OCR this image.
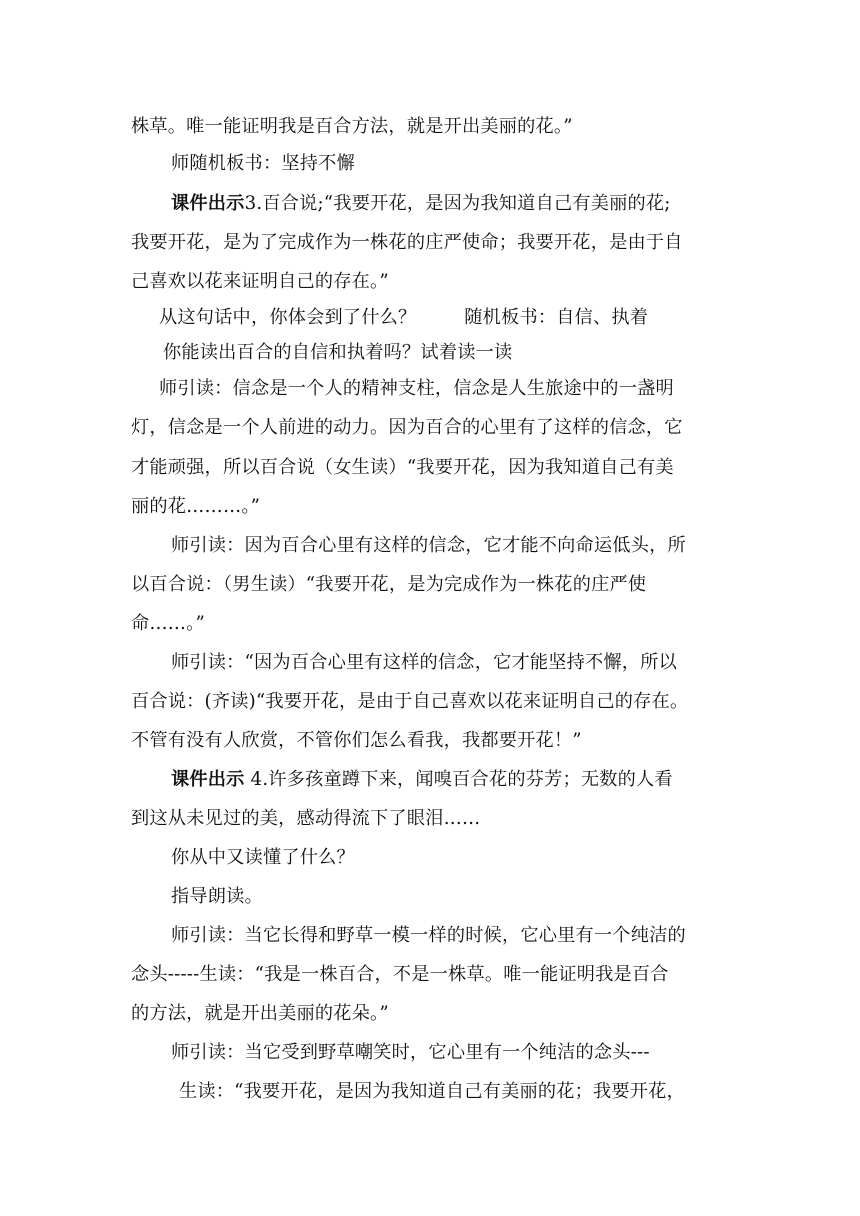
株草。唯一能证明我是百合方法，就是开出美丽的花。”
师随机板书：坚持不懈
课件出示3.百合说;“我要开花，是因为我知道自己有美丽的花;
我要开花，是为了完成作为一株花的庄严使命；我要开花，是由于自
己喜欢以花来证明自己的存在。”
从这句话中，你体会到了什么？        随机板书：自信、执着
你能读出百合的自信和执着吗？试着读一读
师引读：信念是一个人的精神支柱，信念是人生旅途中的一盏明
灯，信念是一个人前进的动力。因为百合的心里有了这样的信念，它
才能顽强，所以百合说（女生读）“我要开花，因为我知道自己有美
丽的花………。”
师引读：因为百合心里有这样的信念，它才能不向命运低头，所
以百合说：（男生读）“我要开花，是为完成作为一株花的庄严使
命……。”
师引读：“因为百合心里有这样的信念，它才能坚持不懈，所以
百合说：(齐读)“我要开花，是由于自己喜欢以花来证明自己的存在。
不管有没有人欣赏，不管你们怎么看我，我都要开花！”
课件出示 4.许多孩童蹲下来，闻嗅百合花的芬芳；无数的人看
到这从未见过的美，感动得流下了眼泪……
你从中又读懂了什么？
指导朗读。
师引读：当它长得和野草一模一样的时候，它心里有一个纯洁的
念头-----生读：“我是一株百合，不是一株草。唯一能证明我是百合
的方法，就是开出美丽的花朵。”
师引读：当它受到野草嘲笑时，它心里有一个纯洁的念头---
生读：“我要开花，是因为我知道自己有美丽的花；我要开花，
